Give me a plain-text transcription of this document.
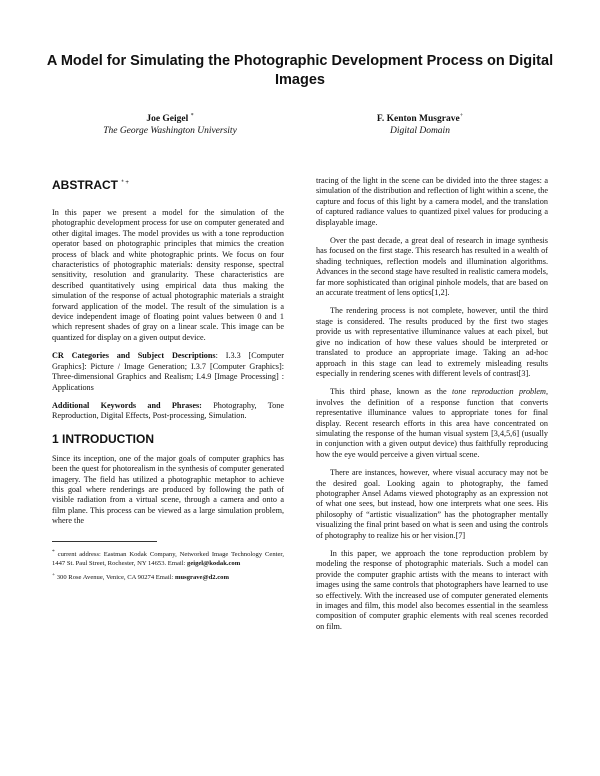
A Model for Simulating the Photographic Development Process on Digital Images
Joe Geigel *
The George Washington University
F. Kenton Musgrave+
Digital Domain
ABSTRACT * +

In this paper we present a model for the simulation of the photographic development process for use on computer generated and other digital images. The model provides us with a tone reproduction operator based on photographic principles that mimics the creation process of black and white photographic prints. We focus on four characteristics of photographic materials: density response, spectral sensitivity, resolution and granularity. These characteristics are described quantitatively using empirical data thus making the simulation of the response of actual photographic materials a straight forward application of the model. The result of the simulation is a device independent image of floating point values between 0 and 1 which represent shades of gray on a linear scale. This image can be quantized for display on a given output device.

CR Categories and Subject Descriptions: I.3.3 [Computer Graphics]: Picture / Image Generation; I.3.7 [Computer Graphics]: Three-dimensional Graphics and Realism; I.4.9 [Image Processing] : Applications

Additional Keywords and Phrases: Photography, Tone Reproduction, Digital Effects, Post-processing, Simulation.

1 INTRODUCTION

Since its inception, one of the major goals of computer graphics has been the quest for photorealism in the synthesis of computer generated imagery. The field has utilized a photographic metaphor to achieve this goal where renderings are produced by following the path of visible radiation from a virtual scene, through a camera and onto a film plane. This process can be viewed as a large simulation problem, where the

* current address: Eastman Kodak Company, Networked Image Technology Center, 1447 St. Paul Street, Rochester, NY 14653. Email: geigel@kodak.com

+ 300 Rose Avenue, Venice, CA 90274 Email: musgrave@d2.com

tracing of the light in the scene can be divided into the three stages: a simulation of the distribution and reflection of light within a scene, the capture and focus of this light by a camera model, and the translation of captured radiance values to quantized pixel values for producing a displayable image.

Over the past decade, a great deal of research in image synthesis has focused on the first stage. This research has resulted in a wealth of shading techniques, reflection models and illumination algorithms. Advances in the second stage have resulted in realistic camera models, far more sophisticated than original pinhole models, that are based on an accurate treatment of lens optics[1,2].

The rendering process is not complete, however, until the third stage is considered. The results produced by the first two stages provide us with representative illuminance values at each pixel, but give no indication of how these values should be interpreted or translated to produce an appropriate image. Taking an ad-hoc approach in this stage can lead to extremely misleading results especially in rendering scenes with different levels of contrast[3].

This third phase, known as the tone reproduction problem, involves the definition of a response function that converts representative illuminance values to appropriate tones for final display. Recent research efforts in this area have concentrated on simulating the response of the human visual system [3,4,5,6] (usually in conjunction with a given output device) thus faithfully reproducing how the eye would perceive a given virtual scene.

There are instances, however, where visual accuracy may not be the desired goal. Looking again to photography, the famed photographer Ansel Adams viewed photography as an expression not of what one sees, but instead, how one interprets what one sees. His philosophy of “artistic visualization” has the photographer mentally visualizing the final print based on what is seen and using the controls of photography to realize his or her vision.[7]

In this paper, we approach the tone reproduction problem by modeling the response of photographic materials. Such a model can provide the computer graphic artists with the means to interact with images using the same controls that photographers have learned to use so effectively. With the increased use of computer generated elements in images and film, this model also becomes essential in the seamless composition of computer graphic elements with real scenes recorded on film.
